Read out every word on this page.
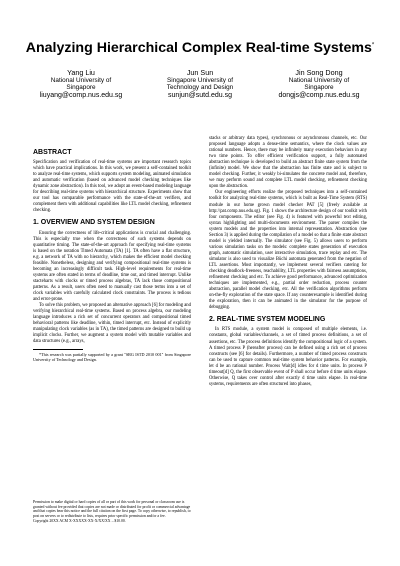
Analyzing Hierarchical Complex Real-time Systems*
Yang Liu
National University of
Singapore
liuyang@comp.nus.edu.sg
Jun Sun
Singapore University of
Technology and Design
sunjun@sutd.edu.sg
Jin Song Dong
National University of
Singapore
dongjs@comp.nus.edu.sg
ABSTRACT

Specification and verification of real-time systems are important research topics which have practical implications. In this work, we present a self-contained toolkit to analyze real-time systems, which supports system modeling, animated simulation and automatic verification (based on advanced model checking techniques like dynamic zone abstraction). In this tool, we adopt an event-based modeling language for describing real-time systems with hierarchical structure. Experiments show that our tool has comparable performance with the state-of-the-art verifiers, and complement them with additional capabilities like LTL model checking, refinement checking.

1. OVERVIEW AND SYSTEM DESIGN

Ensuring the correctness of life-critical applications is crucial and challenging. This is especially true when the correctness of such systems depends on quantitative timing. The state-of-the-art approach for specifying real-time systems is based on the notation Timed Automata (TA) [1]. TA often have a flat structure, e.g. a network of TA with no hierarchy, which makes the efficient model checking feasible. Nonetheless, designing and verifying compositional real-time systems is becoming an increasingly difficult task. High-level requirements for real-time systems are often stated in terms of deadline, time out, and timed interrupt. Unlike stacteharts with clocks or timed process algebras, TA lack those compositional patterns. As a result, users often need to manually cast those terms into a set of clock variables with carefully calculated clock constraints. The process is tedious and error-prone.

To solve this problem, we proposed an alternative approach [6] for modeling and verifying hierarchical real-time systems. Based on process algebra, our modeling language introduces a rich set of concurrent operators and compositional timed behavioral patterns like deadline, within, timed interrupt, etc. Instead of explicitly manipulating clock variables (as in TA), the timed patterns are designed to build up implicit clocks. Further, we augment a system model with mutable variables and data structures (e.g., arrays,

*This research was partially supported by a grant "SRG ISTD 2010 001" from Singapore University of Technology and Design.

Permission to make digital or hard copies of all or part of this work for personal or classroom use is granted without fee provided that copies are not made or distributed for profit or commercial advantage and that copies bear this notice and the full citation on the first page. To copy otherwise, to republish, to post on servers or to redistribute to lists, requires prior specific permission and/or a fee.

Copyright 20XX ACM X-XXXXX-XX-X/XX/XX ...$10.00.

stacks or arbitrary data types), synchronous or asynchronous channels, etc. Our proposed language adopts a dense-time semantics, where the clock values are rational numbers. Hence, there may be infinitely many execution behaviors in any two time points. To offer efficient verification support, a fully automated abstraction technique is developed to build an abstract finite state system from the (infinite) model. We show that the abstraction has finite state and is subject to model checking. Further, it weakly bi-simulates the concrete model and, therefore, we may perform sound and complete LTL model checking, refinement checking upon the abstraction.

Our engineering efforts realize the proposed techniques into a self-contained toolkit for analyzing real-time systems, which is built as Real-Time System (RTS) module in our home grown model checker PAT [5] (freely available at http://pat.comp.nus.edu.sg). Fig. 1 shows the architecture design of our toolkit with four components. The editor (see Fig. 4) is featured with powerful text editing, syntax highlighting and multi-documents environment. The parser compiles the system models and the properties into internal representation. Abstraction (see Section 3) is applied during the compilation of a model so that a finite state abstract model is yielded internally. The simulator (see Fig. 5) allows users to perform various simulation tasks on the models: complete states generation of execution graph, automatic simulation, user interactive simulation, trace replay and etc. The simulator is also used to visualize Büchi automata generated from the negation of LTL assertions. Most importantly, we implement several verifiers catering for checking deadlock-freeness, reachability, LTL properties with fairness assumptions, refinement checking and etc. To achieve good performance, advanced optimization techniques are implemented, e.g., partial order reduction, process counter abstraction, parallel model checking, etc. All the verification algorithms perform on-the-fly exploration of the state space. If any counterexample is identified during the exploration, then it can be animated in the simulator for the purpose of debugging.

2. REAL-TIME SYSTEM MODELING

In RTS module, a system model is composed of multiple elements, i.e. constants, global variables/channels, a set of timed process definitions, a set of assertions, etc. The process definitions identify the compositional logic of a system. A timed process P (hereafter process) can be defined using a rich set of process constructs (see [6] for details). Furthermore, a number of timed process constructs can be used to capture common real-time system behavior patterns. For example, let d be an rational number. Process Wait[d] idles for d time units. In process P timeout[d] Q, the first observable event of P shall occur before d time units elapse. Otherwise, Q takes over control after exactly d time units elapse. In real-time systems, requirements are often structured into phases,
